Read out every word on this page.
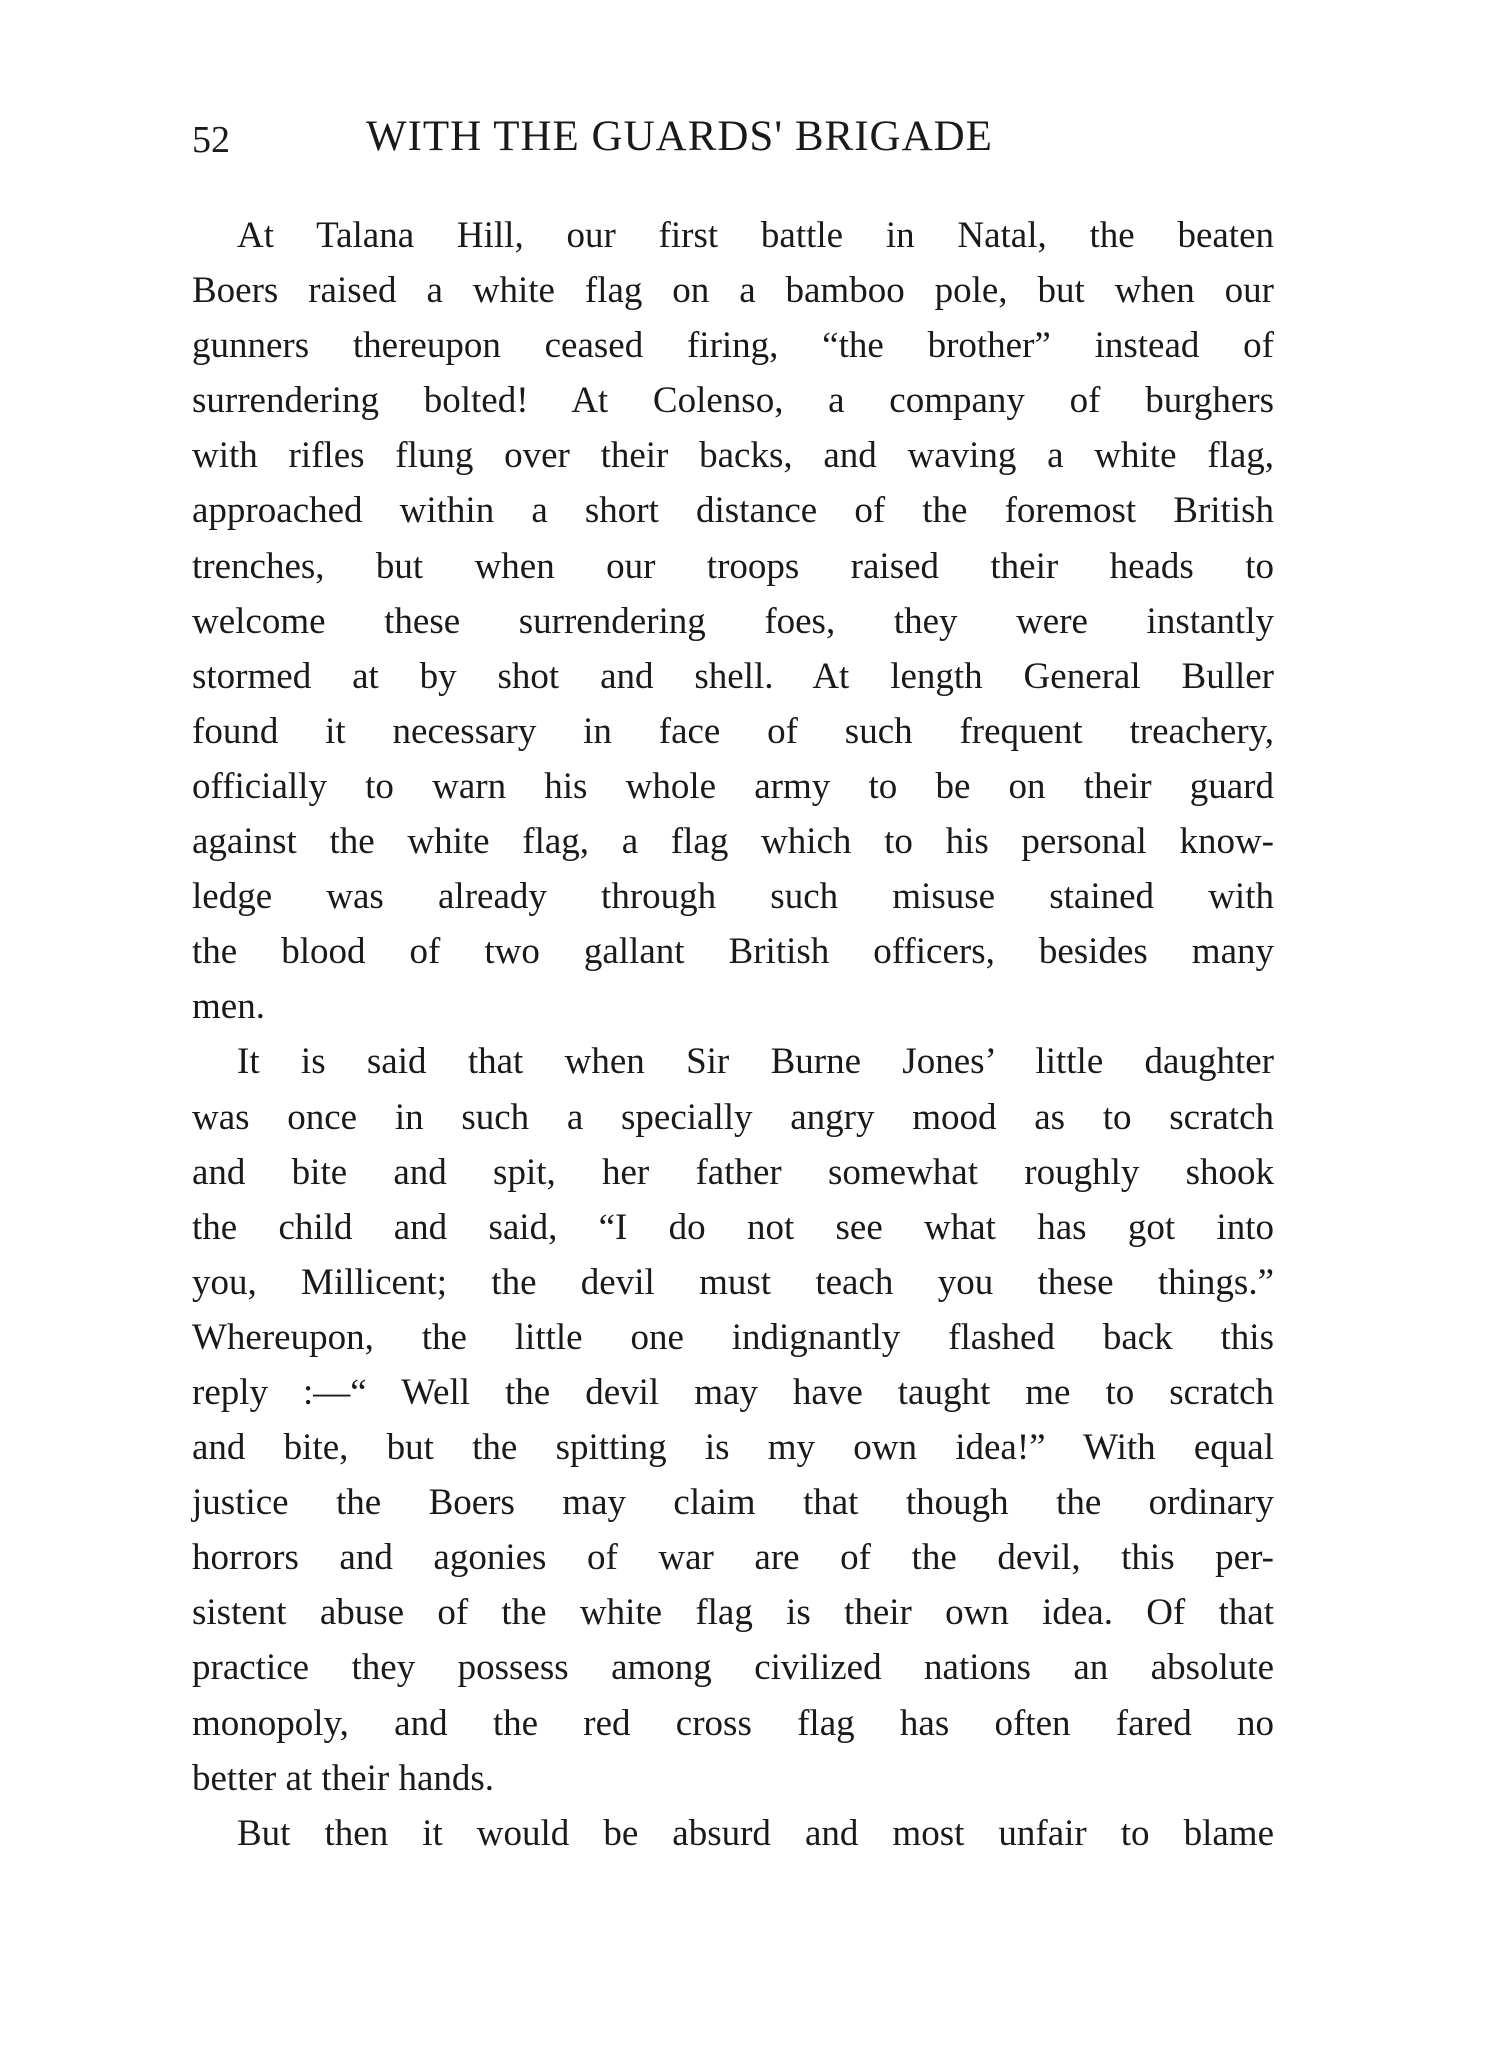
52	WITH THE GUARDS' BRIGADE
At Talana Hill, our first battle in Natal, the beaten
Boers raised a white flag on a bamboo pole, but when our
gunners thereupon ceased firing, “the brother” instead of
surrendering bolted! At Colenso, a company of burghers
with rifles flung over their backs, and waving a white flag,
approached within a short distance of the foremost British
trenches, but when our troops raised their heads to
welcome these surrendering foes, they were instantly
stormed at by shot and shell. At length General Buller
found it necessary in face of such frequent treachery,
officially to warn his whole army to be on their guard
against the white flag, a flag which to his personal know-
ledge was already through such misuse stained with
the blood of two gallant British officers, besides many
men.
It is said that when Sir Burne Jones’ little daughter
was once in such a specially angry mood as to scratch
and bite and spit, her father somewhat roughly shook
the child and said, “I do not see what has got into
you, Millicent; the devil must teach you these things.”
Whereupon, the little one indignantly flashed back this
reply :—“ Well the devil may have taught me to scratch
and bite, but the spitting is my own idea!” With equal
justice the Boers may claim that though the ordinary
horrors and agonies of war are of the devil, this per-
sistent abuse of the white flag is their own idea. Of that
practice they possess among civilized nations an absolute
monopoly, and the red cross flag has often fared no
better at their hands.
But then it would be absurd and most unfair to blame
